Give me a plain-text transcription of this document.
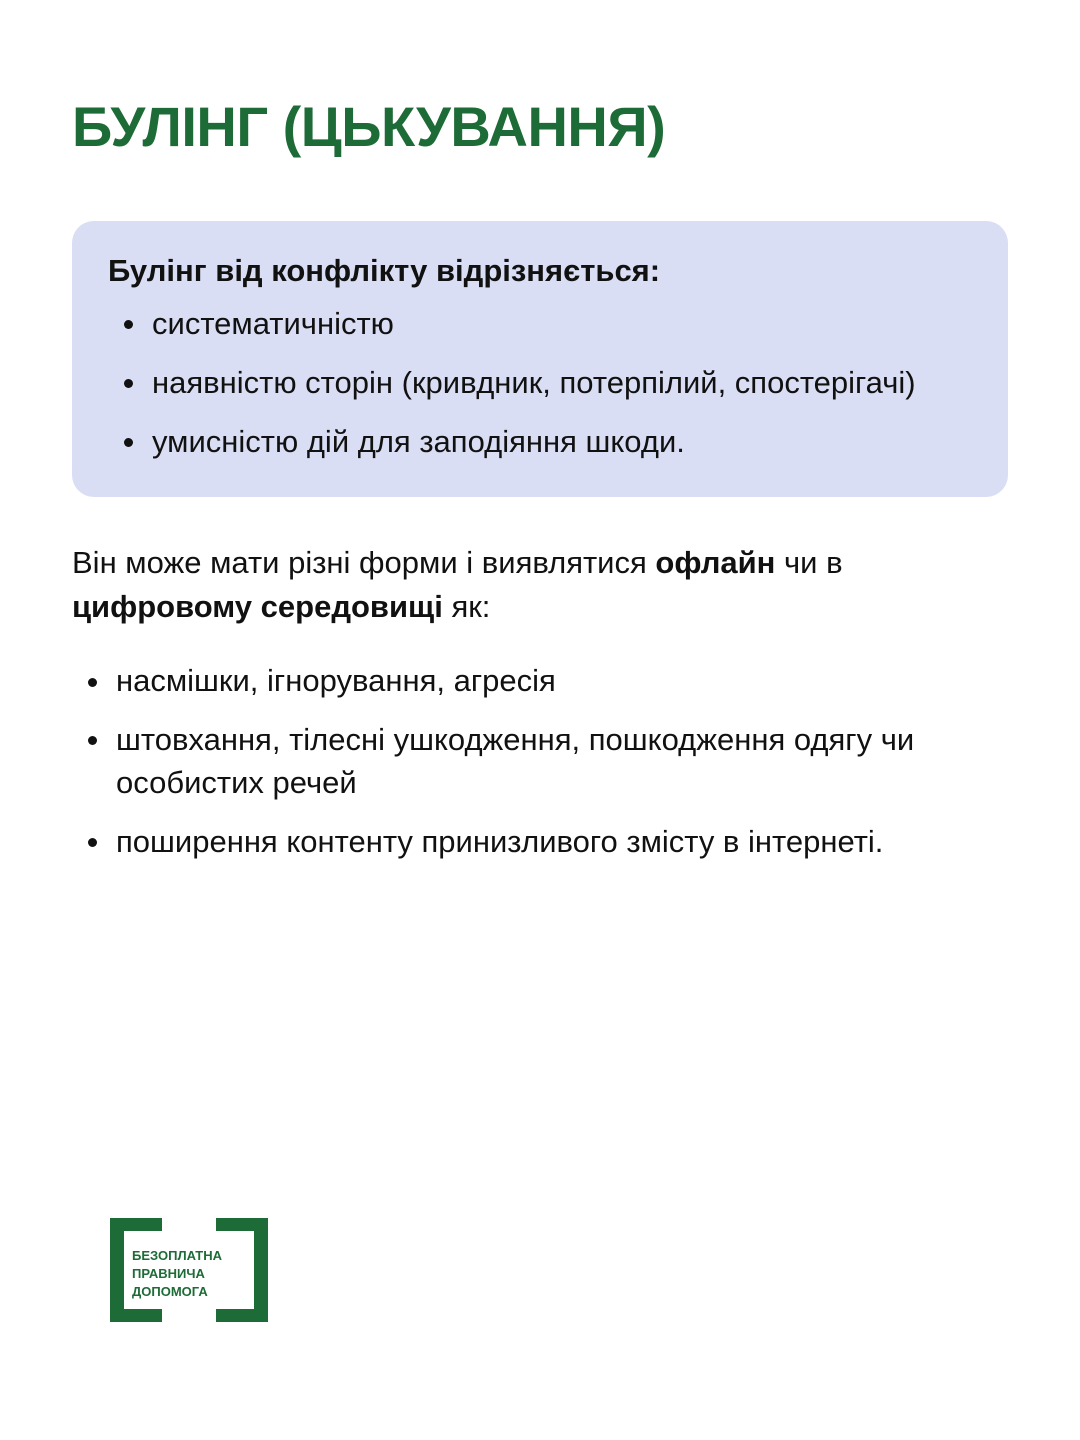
БУЛІНГ (ЦЬКУВАННЯ)
Булінг від конфлікту відрізняється:
систематичністю
наявністю сторін (кривдник, потерпілий, спостерігачі)
умисністю дій для заподіяння шкоди.

Він може мати різні форми і виявлятися офлайн чи в цифровому середовищі як:

насмішки, ігнорування, агресія
штовхання, тілесні ушкодження, пошкодження одягу чи особистих речей
поширення контенту принизливого змісту в інтернеті.
БЕЗОПЛАТНА
ПРАВНИЧА
ДОПОМОГА
